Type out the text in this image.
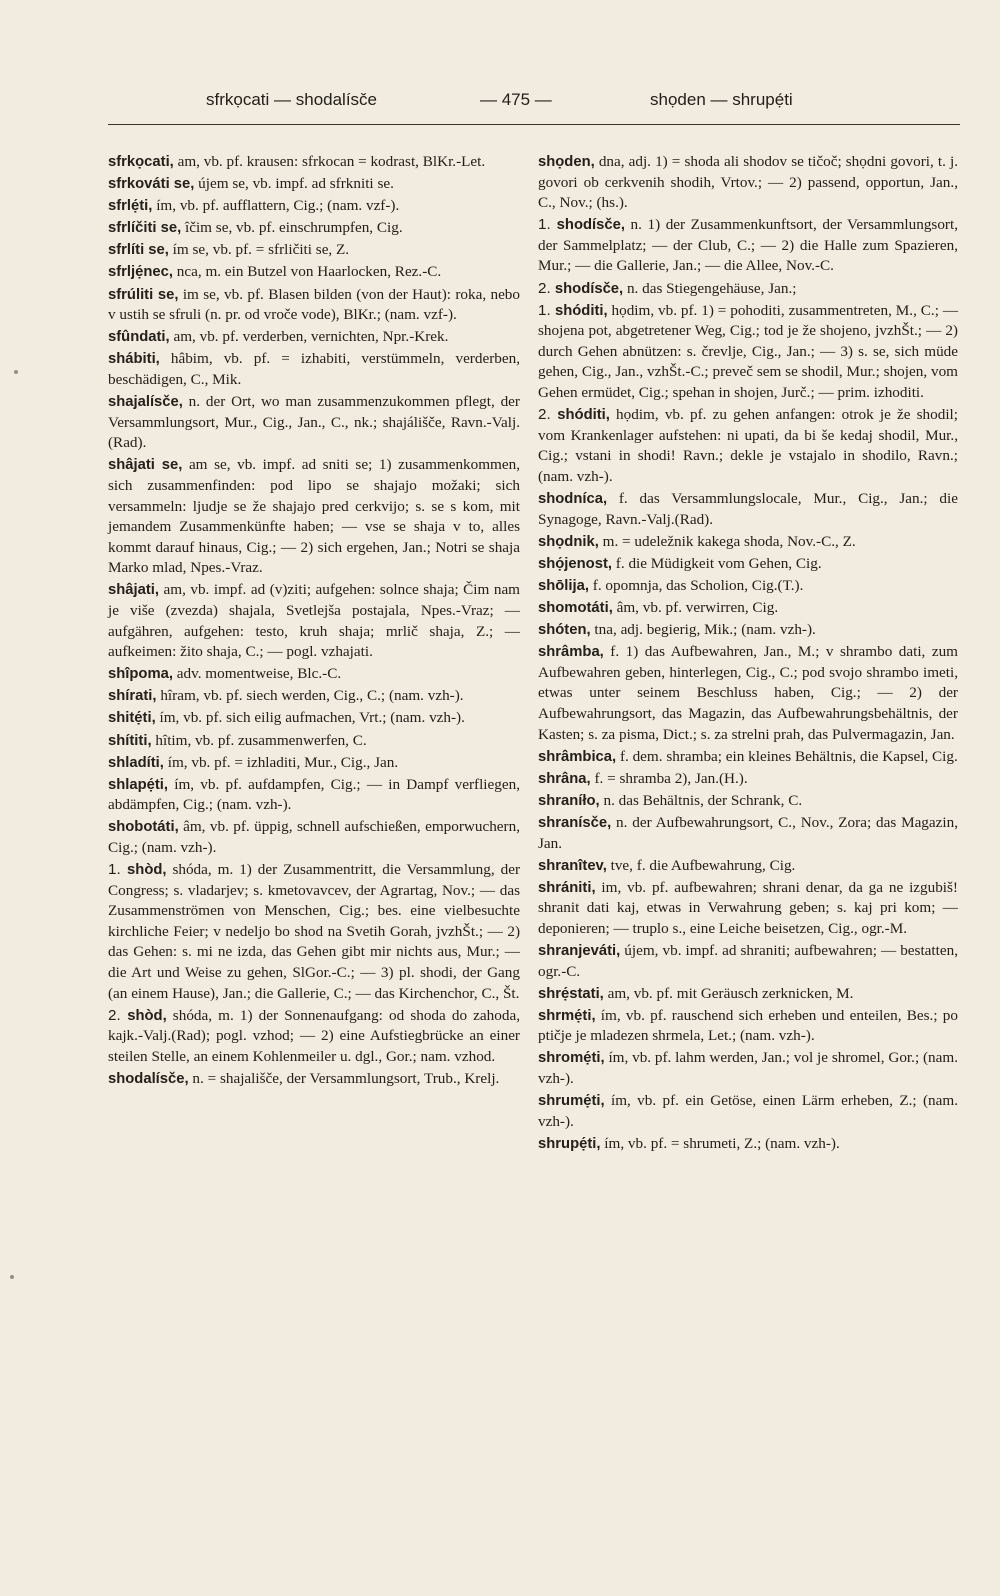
sfrkọcati — shodalísče	— 475 —	shọden — shrupẹ́ti

sfrkọcati, am, vb. pf. krausen: sfrkocan = kodrast, BlKr.-Let.

sfrkováti se, újem se, vb. impf. ad sfrkniti se.

sfrlẹ́ti, ím, vb. pf. aufflattern, Cig.; (nam. vzf-).

sfrlíčiti se, îčim se, vb. pf. einschrumpfen, Cig.

sfrlíti se, ím se, vb. pf. = sfrličiti se, Z.

sfrljẹ́nec, nca, m. ein Butzel von Haarlocken, Rez.-C.

sfrúliti se, im se, vb. pf. Blasen bilden (von der Haut): roka, nebo v ustih se sfruli (n. pr. od vroče vode), BlKr.; (nam. vzf-).

sfûndati, am, vb. pf. verderben, vernichten, Npr.-Krek.

shábiti, hâbim, vb. pf. = izhabiti, verstümmeln, verderben, beschädigen, C., Mik.

shajalísče, n. der Ort, wo man zusammenzukommen pflegt, der Versammlungsort, Mur., Cig., Jan., C., nk.; shajálišče, Ravn.-Valj. (Rad).

shâjati se, am se, vb. impf. ad sniti se; 1) zusammenkommen, sich zusammenfinden: pod lipo se shajajo možaki; sich versammeln: ljudje se že shajajo pred cerkvijo; s. se s kom, mit jemandem Zusammenkünfte haben; — vse se shaja v to, alles kommt darauf hinaus, Cig.; — 2) sich ergehen, Jan.; Notri se shaja Marko mlad, Npes.-Vraz.

shâjati, am, vb. impf. ad (v)ziti; aufgehen: solnce shaja; Čim nam je više (zvezda) shajala, Svetlejša postajala, Npes.-Vraz; — aufgähren, aufgehen: testo, kruh shaja; mrlič shaja, Z.; — aufkeimen: žito shaja, C.; — pogl. vzhajati.

shîpoma, adv. momentweise, Blc.-C.

shírati, hîram, vb. pf. siech werden, Cig., C.; (nam. vzh-).

shitẹ́ti, ím, vb. pf. sich eilig aufmachen, Vrt.; (nam. vzh-).

shítiti, hîtim, vb. pf. zusammenwerfen, C.

shladíti, ím, vb. pf. = izhladiti, Mur., Cig., Jan.

shlapẹ́ti, ím, vb. pf. aufdampfen, Cig.; — in Dampf verfliegen, abdämpfen, Cig.; (nam. vzh-).

shobotáti, âm, vb. pf. üppig, schnell aufschießen, emporwuchern, Cig.; (nam. vzh-).

1. shòd, shóda, m. 1) der Zusammentritt, die Versammlung, der Congress; s. vladarjev; s. kmetovavcev, der Agrartag, Nov.; — das Zusammenströmen von Menschen, Cig.; bes. eine vielbesuchte kirchliche Feier; v nedeljo bo shod na Svetih Gorah, jvzhŠt.; — 2) das Gehen: s. mi ne izda, das Gehen gibt mir nichts aus, Mur.; — die Art und Weise zu gehen, SlGor.-C.; — 3) pl. shodi, der Gang (an einem Hause), Jan.; die Gallerie, C.; — das Kirchenchor, C., Št.

2. shòd, shóda, m. 1) der Sonnenaufgang: od shoda do zahoda, kajk.-Valj.(Rad); pogl. vzhod; — 2) eine Aufstiegbrücke an einer steilen Stelle, an einem Kohlenmeiler u. dgl., Gor.; nam. vzhod.

shodalísče, n. = shajališče, der Versammlungsort, Trub., Krelj.

shọden, dna, adj. 1) = shoda ali shodov se tičoč; shọdni govori, t. j. govori ob cerkvenih shodih, Vrtov.; — 2) passend, opportun, Jan., C., Nov.; (hs.).

1. shodísče, n. 1) der Zusammenkunftsort, der Versammlungsort, der Sammelplatz; — der Club, C.; — 2) die Halle zum Spazieren, Mur.; — die Gallerie, Jan.; — die Allee, Nov.-C.

2. shodísče, n. das Stiegengehäuse, Jan.;

1. shóditi, họdim, vb. pf. 1) = pohoditi, zusammentreten, M., C.; — shojena pot, abgetretener Weg, Cig.; tod je že shojeno, jvzhŠt.; — 2) durch Gehen abnützen: s. črevlje, Cig., Jan.; — 3) s. se, sich müde gehen, Cig., Jan., vzhŠt.-C.; preveč sem se shodil, Mur.; shojen, vom Gehen ermüdet, Cig.; spehan in shojen, Jurč.; — prim. izhoditi.

2. shóditi, họdim, vb. pf. zu gehen anfangen: otrok je že shodil; vom Krankenlager aufstehen: ni upati, da bi še kedaj shodil, Mur., Cig.; vstani in shodi! Ravn.; dekle je vstajalo in shodilo, Ravn.; (nam. vzh-).

shodníca, f. das Versammlungslocale, Mur., Cig., Jan.; die Synagoge, Ravn.-Valj.(Rad).

shọdnik, m. = udeležnik kakega shoda, Nov.-C., Z.

shọ́jenost, f. die Müdigkeit vom Gehen, Cig.

shōlija, f. opomnja, das Scholion, Cig.(T.).

shomotáti, âm, vb. pf. verwirren, Cig.

shóten, tna, adj. begierig, Mik.; (nam. vzh-).

shrâmba, f. 1) das Aufbewahren, Jan., M.; v shrambo dati, zum Aufbewahren geben, hinterlegen, Cig., C.; pod svojo shrambo imeti, etwas unter seinem Beschluss haben, Cig.; — 2) der Aufbewahrungsort, das Magazin, das Aufbewahrungsbehältnis, der Kasten; s. za pisma, Dict.; s. za strelni prah, das Pulvermagazin, Jan.

shrâmbica, f. dem. shramba; ein kleines Behältnis, die Kapsel, Cig.

shrâna, f. = shramba 2), Jan.(H.).

shraníło, n. das Behältnis, der Schrank, C.

shranísče, n. der Aufbewahrungsort, C., Nov., Zora; das Magazin, Jan.

shranîtev, tve, f. die Aufbewahrung, Cig.

shrániti, im, vb. pf. aufbewahren; shrani denar, da ga ne izgubiš! shranit dati kaj, etwas in Verwahrung geben; s. kaj pri kom; — deponieren; — truplo s., eine Leiche beisetzen, Cig., ogr.-M.

shranjeváti, újem, vb. impf. ad shraniti; aufbewahren; — bestatten, ogr.-C.

shrẹ́stati, am, vb. pf. mit Geräusch zerknicken, M.

shrmẹ́ti, ím, vb. pf. rauschend sich erheben und enteilen, Bes.; po ptičje je mladezen shrmela, Let.; (nam. vzh-).

shromẹ́ti, ím, vb. pf. lahm werden, Jan.; vol je shromel, Gor.; (nam. vzh-).

shrumẹ́ti, ím, vb. pf. ein Getöse, einen Lärm erheben, Z.; (nam. vzh-).

shrupẹ́ti, ím, vb. pf. = shrumeti, Z.; (nam. vzh-).
